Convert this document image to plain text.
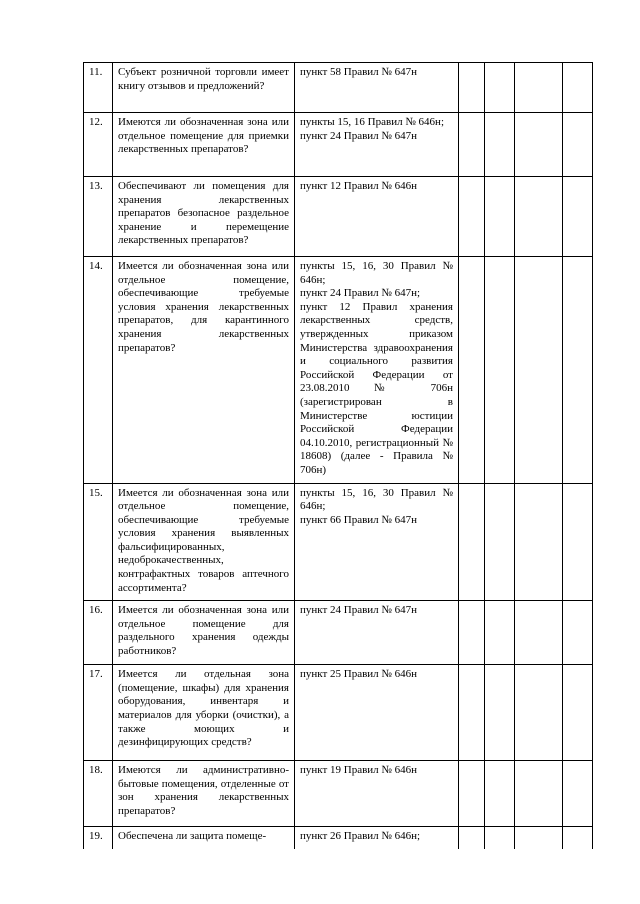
11.	Субъект розничной торговли имеет книгу отзывов и предложений?	пункт 58 Правил № 647н				

12.	Имеются ли обозначенная зона или отдельное помещение для приемки лекарственных препаратов?	пункты 15, 16 Правил № 646н;
пункт 24 Правил № 647н				

13.	Обеспечивают ли помещения для хранения лекарственных препаратов безопасное раздельное хранение и перемещение лекарственных препаратов?	пункт 12 Правил № 646н				

14.	Имеется ли обозначенная зона или отдельное помещение, обеспечивающие требуемые условия хранения лекарственных препаратов, для карантинного хранения лекарственных препаратов?	пункты 15, 16, 30 Правил № 646н;
пункт 24 Правил № 647н;
пункт 12 Правил хранения лекарственных средств, утвержденных приказом Министерства здравоохранения и социального развития Российской Федерации от 23.08.2010 № 706н (зарегистрирован в Министерстве юстиции Российской Федерации 04.10.2010, регистрационный № 18608) (далее - Правила № 706н)				

15.	Имеется ли обозначенная зона или отдельное помещение, обеспечивающие требуемые условия хранения выявленных фальсифицированных, недоброкачественных, контрафактных товаров аптечного ассортимента?	пункты 15, 16, 30 Правил № 646н;
пункт 66 Правил № 647н				

16.	Имеется ли обозначенная зона или отдельное помещение для раздельного хранения одежды работников?	пункт 24 Правил № 647н				

17.	Имеется ли отдельная зона (помещение, шкафы) для хранения оборудования, инвентаря и материалов для уборки (очистки), а также моющих и дезинфицирующих средств?	пункт 25 Правил № 646н				

18.	Имеются ли административно-бытовые помещения, отделенные от зон хранения лекарственных препаратов?	пункт 19 Правил № 646н				

19.	Обеспечена ли защита помеще-	пункт 26 Правил № 646н;				
